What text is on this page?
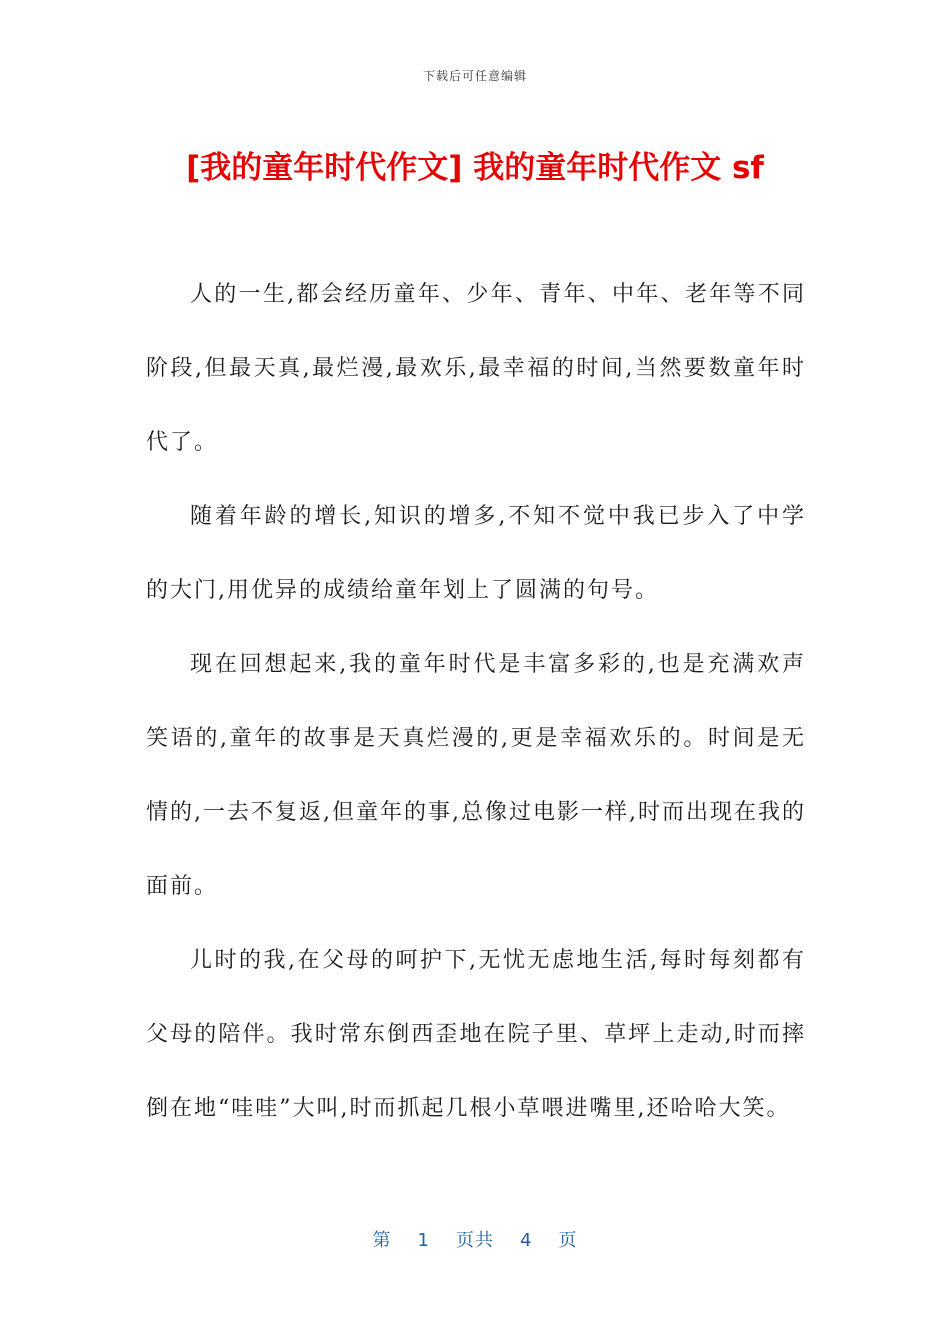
下载后可任意编辑
[我的童年时代作文] 我的童年时代作文 sf

人的一生,都会经历童年、少年、青年、中年、老年等不同阶段,但最天真,最烂漫,最欢乐,最幸福的时间,当然要数童年时代了。

随着年龄的增长,知识的增多,不知不觉中我已步入了中学的大门,用优异的成绩给童年划上了圆满的句号。

现在回想起来,我的童年时代是丰富多彩的,也是充满欢声笑语的,童年的故事是天真烂漫的,更是幸福欢乐的。时间是无情的,一去不复返,但童年的事,总像过电影一样,时而出现在我的面前。

儿时的我,在父母的呵护下,无忧无虑地生活,每时每刻都有父母的陪伴。我时常东倒西歪地在院子里、草坪上走动,时而摔倒在地“哇哇”大叫,时而抓起几根小草喂进嘴里,还哈哈大笑。

第 1 页共 4 页
